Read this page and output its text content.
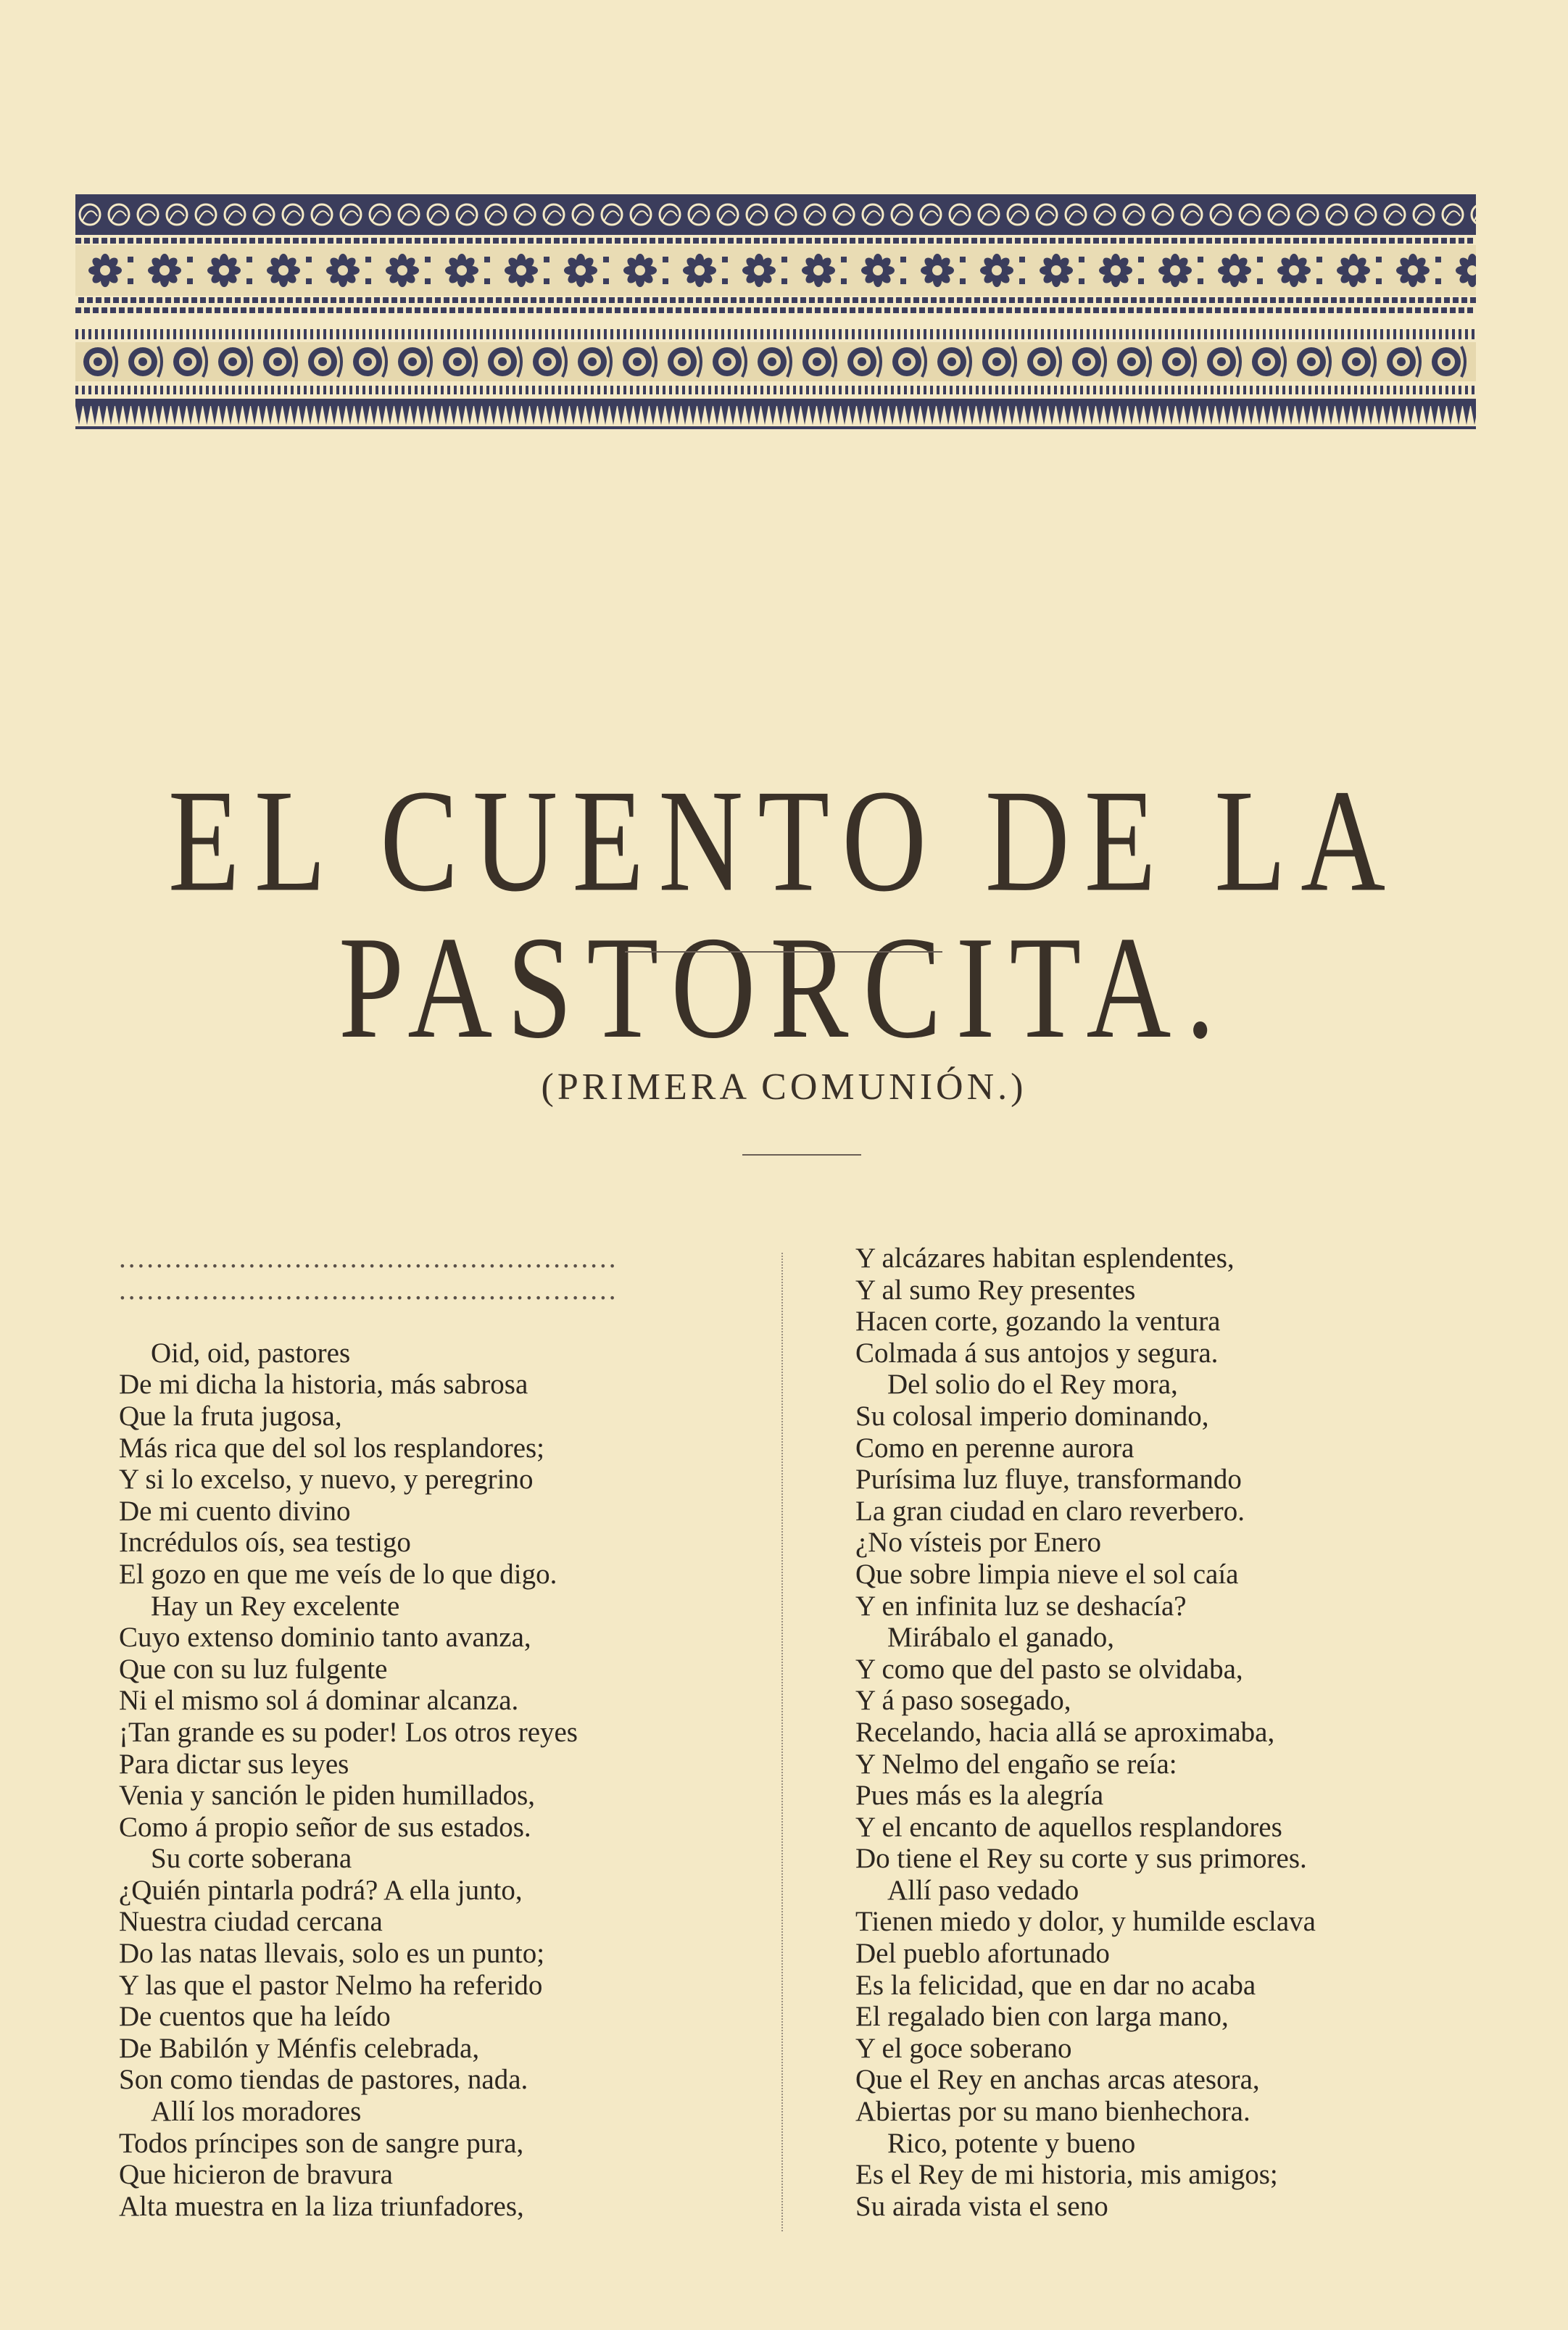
EL CUENTO DE LA PASTORCITA.
(PRIMERA COMUNIÓN.)
......................................................
......................................................
Oid, oid, pastores
De mi dicha la historia, más sabrosa
Que la fruta jugosa,
Más rica que del sol los resplandores;
Y si lo excelso, y nuevo, y peregrino
De mi cuento divino
Incrédulos oís, sea testigo
El gozo en que me veís de lo que digo.
Hay un Rey excelente
Cuyo extenso dominio tanto avanza,
Que con su luz fulgente
Ni el mismo sol á dominar alcanza.
¡Tan grande es su poder! Los otros reyes
Para dictar sus leyes
Venia y sanción le piden humillados,
Como á propio señor de sus estados.
Su corte soberana
¿Quién pintarla podrá? A ella junto,
Nuestra ciudad cercana
Do las natas llevais, solo es un punto;
Y las que el pastor Nelmo ha referido
De cuentos que ha leído
De Babilón y Ménfis celebrada,
Son como tiendas de pastores, nada.
Allí los moradores
Todos príncipes son de sangre pura,
Que hicieron de bravura
Alta muestra en la liza triunfadores,
Y alcázares habitan esplendentes,
Y al sumo Rey presentes
Hacen corte, gozando la ventura
Colmada á sus antojos y segura.
Del solio do el Rey mora,
Su colosal imperio dominando,
Como en perenne aurora
Purísima luz fluye, transformando
La gran ciudad en claro reverbero.
¿No vísteis por Enero
Que sobre limpia nieve el sol caía
Y en infinita luz se deshacía?
Mirábalo el ganado,
Y como que del pasto se olvidaba,
Y á paso sosegado,
Recelando, hacia allá se aproximaba,
Y Nelmo del engaño se reía:
Pues más es la alegría
Y el encanto de aquellos resplandores
Do tiene el Rey su corte y sus primores.
Allí paso vedado
Tienen miedo y dolor, y humilde esclava
Del pueblo afortunado
Es la felicidad, que en dar no acaba
El regalado bien con larga mano,
Y el goce soberano
Que el Rey en anchas arcas atesora,
Abiertas por su mano bienhechora.
Rico, potente y bueno
Es el Rey de mi historia, mis amigos;
Su airada vista el seno
